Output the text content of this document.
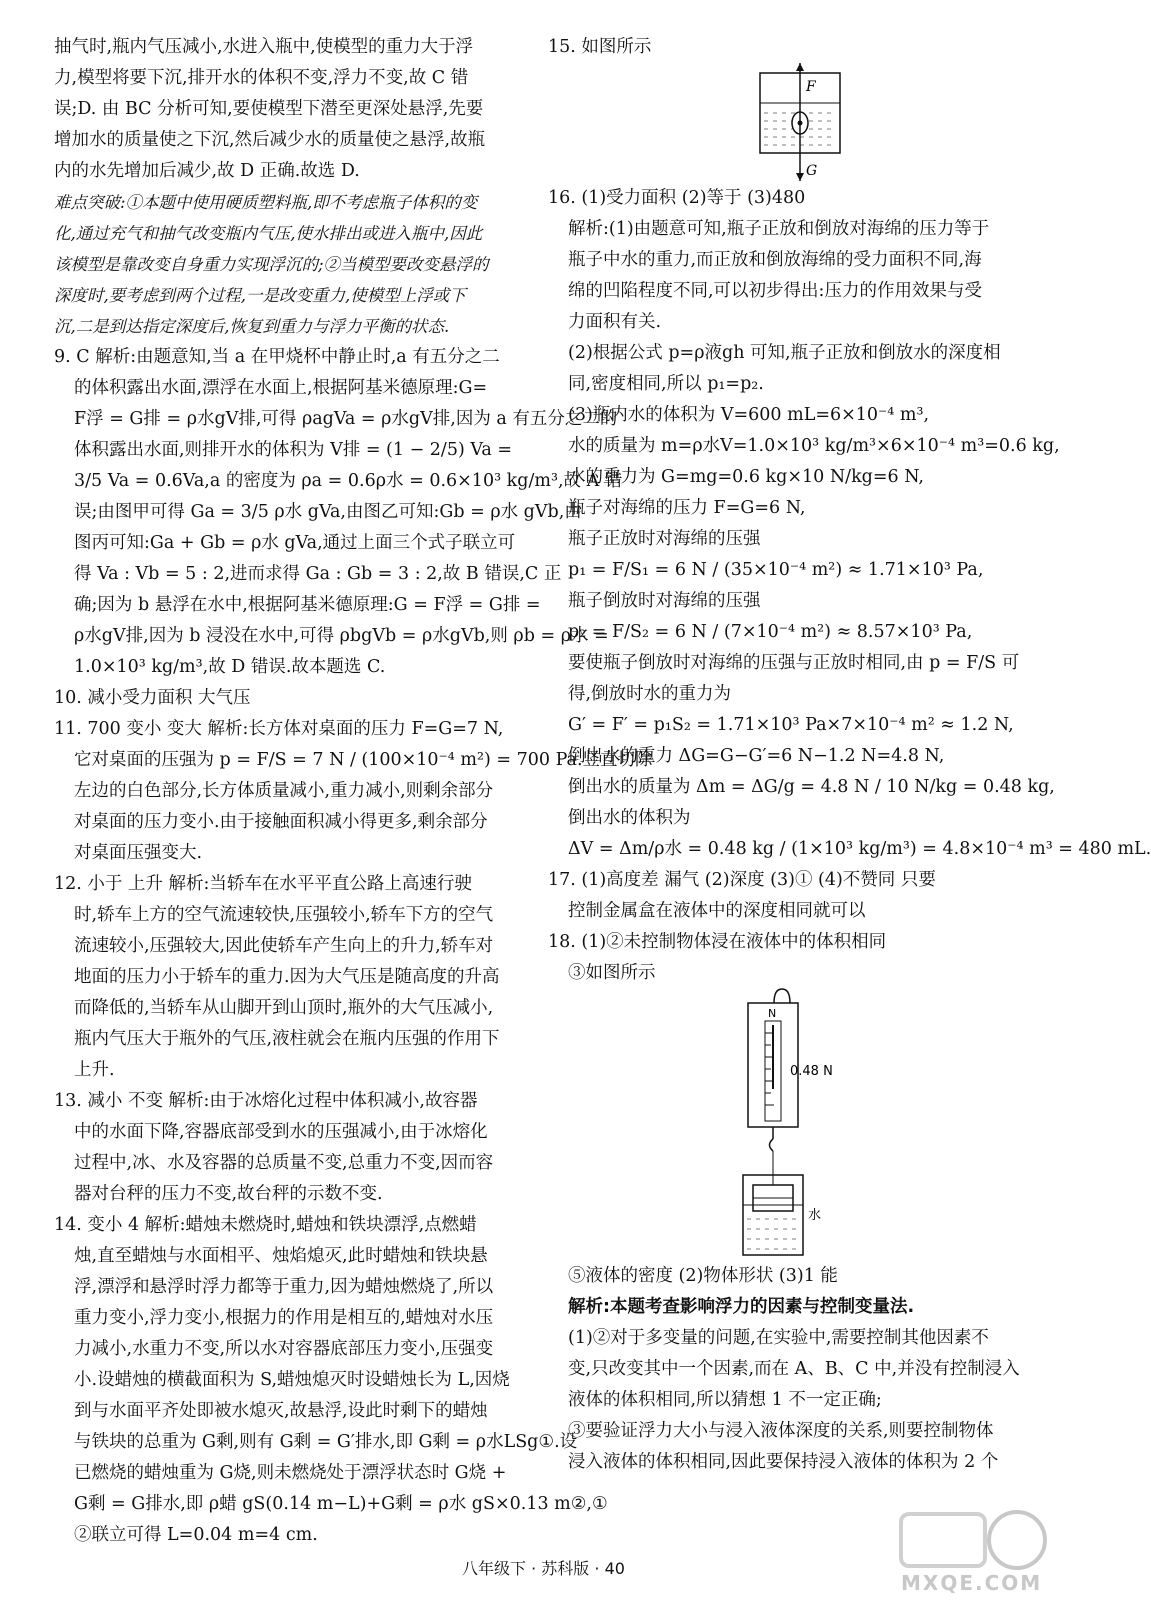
抽气时,瓶内气压减小,水进入瓶中,使模型的重力大于浮
力,模型将要下沉,排开水的体积不变,浮力不变,故 C 错
误;D. 由 BC 分析可知,要使模型下潜至更深处悬浮,先要
增加水的质量使之下沉,然后减少水的质量使之悬浮,故瓶
内的水先增加后减少,故 D 正确.故选 D.
难点突破:①本题中使用硬质塑料瓶,即不考虑瓶子体积的变
化,通过充气和抽气改变瓶内气压,使水排出或进入瓶中,因此
该模型是靠改变自身重力实现浮沉的;②当模型要改变悬浮的
深度时,要考虑到两个过程,一是改变重力,使模型上浮或下
沉,二是到达指定深度后,恢复到重力与浮力平衡的状态.
9. C 解析:由题意知,当 a 在甲烧杯中静止时,a 有五分之二
的体积露出水面,漂浮在水面上,根据阿基米德原理:G=
F浮 = G排 = ρ水gV排,可得 ρagVa = ρ水gV排,因为 a 有五分之二的
体积露出水面,则排开水的体积为 V排 = (1 − 2/5) Va =
3/5 Va = 0.6Va,a 的密度为 ρa = 0.6ρ水 = 0.6×10³ kg/m³,故 A 错
误;由图甲可得 Ga = 3/5 ρ水 gVa,由图乙可知:Gb = ρ水 gVb,由
图丙可知:Ga + Gb = ρ水 gVa,通过上面三个式子联立可
得 Va : Vb = 5 : 2,进而求得 Ga : Gb = 3 : 2,故 B 错误,C 正
确;因为 b 悬浮在水中,根据阿基米德原理:G = F浮 = G排 =
ρ水gV排,因为 b 浸没在水中,可得 ρbgVb = ρ水gVb,则 ρb = ρ水 =
1.0×10³ kg/m³,故 D 错误.故本题选 C.
10. 减小受力面积 大气压
11. 700 变小 变大 解析:长方体对桌面的压力 F=G=7 N,
它对桌面的压强为 p = F/S = 7 N / (100×10⁻⁴ m²) = 700 Pa.竖直切除
左边的白色部分,长方体质量减小,重力减小,则剩余部分
对桌面的压力变小.由于接触面积减小得更多,剩余部分
对桌面压强变大.
12. 小于 上升 解析:当轿车在水平平直公路上高速行驶
时,轿车上方的空气流速较快,压强较小,轿车下方的空气
流速较小,压强较大,因此使轿车产生向上的升力,轿车对
地面的压力小于轿车的重力.因为大气压是随高度的升高
而降低的,当轿车从山脚开到山顶时,瓶外的大气压减小,
瓶内气压大于瓶外的气压,液柱就会在瓶内压强的作用下
上升.
13. 减小 不变 解析:由于冰熔化过程中体积减小,故容器
中的水面下降,容器底部受到水的压强减小,由于冰熔化
过程中,冰、水及容器的总质量不变,总重力不变,因而容
器对台秤的压力不变,故台秤的示数不变.
14. 变小 4 解析:蜡烛未燃烧时,蜡烛和铁块漂浮,点燃蜡
烛,直至蜡烛与水面相平、烛焰熄灭,此时蜡烛和铁块悬
浮,漂浮和悬浮时浮力都等于重力,因为蜡烛燃烧了,所以
重力变小,浮力变小,根据力的作用是相互的,蜡烛对水压
力减小,水重力不变,所以水对容器底部压力变小,压强变
小.设蜡烛的横截面积为 S,蜡烛熄灭时设蜡烛长为 L,因烧
到与水面平齐处即被水熄灭,故悬浮,设此时剩下的蜡烛
与铁块的总重为 G剩,则有 G剩 = G′排水,即 G剩 = ρ水LSg①.设
已燃烧的蜡烛重为 G烧,则未燃烧处于漂浮状态时 G烧 +
G剩 = G排水,即 ρ蜡 gS(0.14 m−L)+G剩 = ρ水 gS×0.13 m②,①
②联立可得 L=0.04 m=4 cm.
15. 如图所示
F
G
16. (1)受力面积 (2)等于 (3)480
解析:(1)由题意可知,瓶子正放和倒放对海绵的压力等于
瓶子中水的重力,而正放和倒放海绵的受力面积不同,海
绵的凹陷程度不同,可以初步得出:压力的作用效果与受
力面积有关.
(2)根据公式 p=ρ液gh 可知,瓶子正放和倒放水的深度相
同,密度相同,所以 p₁=p₂.
(3)瓶内水的体积为 V=600 mL=6×10⁻⁴ m³,
水的质量为 m=ρ水V=1.0×10³ kg/m³×6×10⁻⁴ m³=0.6 kg,
水的重力为 G=mg=0.6 kg×10 N/kg=6 N,
瓶子对海绵的压力 F=G=6 N,
瓶子正放时对海绵的压强
p₁ = F/S₁ = 6 N / (35×10⁻⁴ m²) ≈ 1.71×10³ Pa,
瓶子倒放时对海绵的压强
p₂ = F/S₂ = 6 N / (7×10⁻⁴ m²) ≈ 8.57×10³ Pa,
要使瓶子倒放时对海绵的压强与正放时相同,由 p = F/S 可
得,倒放时水的重力为
G′ = F′ = p₁S₂ = 1.71×10³ Pa×7×10⁻⁴ m² ≈ 1.2 N,
倒出水的重力 ΔG=G−G′=6 N−1.2 N=4.8 N,
倒出水的质量为 Δm = ΔG/g = 4.8 N / 10 N/kg = 0.48 kg,
倒出水的体积为
ΔV = Δm/ρ水 = 0.48 kg / (1×10³ kg/m³) = 4.8×10⁻⁴ m³ = 480 mL.
17. (1)高度差 漏气 (2)深度 (3)① (4)不赞同 只要
控制金属盒在液体中的深度相同就可以
18. (1)②未控制物体浸在液体中的体积相同
③如图所示
N
0.48 N
水
⑤液体的密度 (2)物体形状 (3)1 能
解析:本题考查影响浮力的因素与控制变量法.
(1)②对于多变量的问题,在实验中,需要控制其他因素不
变,只改变其中一个因素,而在 A、B、C 中,并没有控制浸入
液体的体积相同,所以猜想 1 不一定正确;
③要验证浮力大小与浸入液体深度的关系,则要控制物体
浸入液体的体积相同,因此要保持浸入液体的体积为 2 个
八年级下 · 苏科版 · 40
MXQE.COM
